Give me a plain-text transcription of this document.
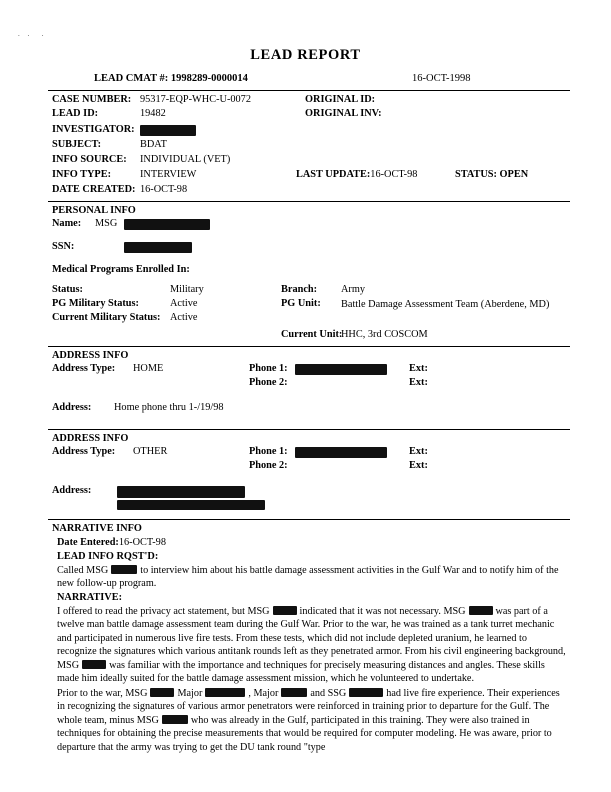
. .  .
LEAD REPORT
LEAD CMAT #: 1998289-0000014	16-OCT-1998
CASE NUMBER: 95317-EQP-WHC-U-0072	ORIGINAL ID:
LEAD ID:	19482	ORIGINAL INV:
INVESTIGATOR:
SUBJECT:	BDAT
INFO SOURCE: INDIVIDUAL (VET)
INFO TYPE:	INTERVIEW	LAST UPDATE:16-OCT-98	STATUS: OPEN
DATE CREATED: 16-OCT-98
PERSONAL INFO
Name: MSG
SSN:
Medical Programs Enrolled In:
Status:	Military	Branch: Army
PG Military Status:	Active	PG Unit: Battle Damage Assessment Team (Aberdene, MD)
Current Military Status: Active
Current Unit:
HHC, 3rd COSCOM
ADDRESS INFO
Address Type: HOME	Phone 1:	Ext:
Phone 2:	Ext:
Address: Home phone thru 1-/19/98
ADDRESS INFO
Address Type: OTHER	Phone 1:	Ext:
Phone 2:	Ext:
Address:
NARRATIVE INFO
Date Entered:16-OCT-98
LEAD INFO RQST'D:
Called MSG	to interview him about his battle damage assessment activities in the Gulf War and to notify him of the new follow-up program.
NARRATIVE:
I offered to read the privacy act statement, but MSG	indicated that it was not necessary. MSG	was part of a twelve man battle damage assessment team during the Gulf War. Prior to the war, he was trained as a tank turret mechanic and participated in numerous live fire tests. From these tests, which did not include depleted uranium, he learned to recognize the signatures which various antitank rounds left as they penetrated armor. From his civil engineering background, MSG	was familiar with the importance and techniques for precisely measuring distances and angles. These skills made him ideally suited for the battle damage assessment mission, which he volunteered to undertake.
Prior to the war, MSG	Major	, Major	and SSG	had live fire experience. Their experiences in recognizing the signatures of various armor penetrators were reinforced in training prior to departure for the Gulf. The whole team, minus MSG	who was already in the Gulf, participated in this training. They were also trained in techniques for obtaining the precise measurements that would be required for computer modeling. He was aware, prior to departure that the army was trying to get the DU tank round "type
